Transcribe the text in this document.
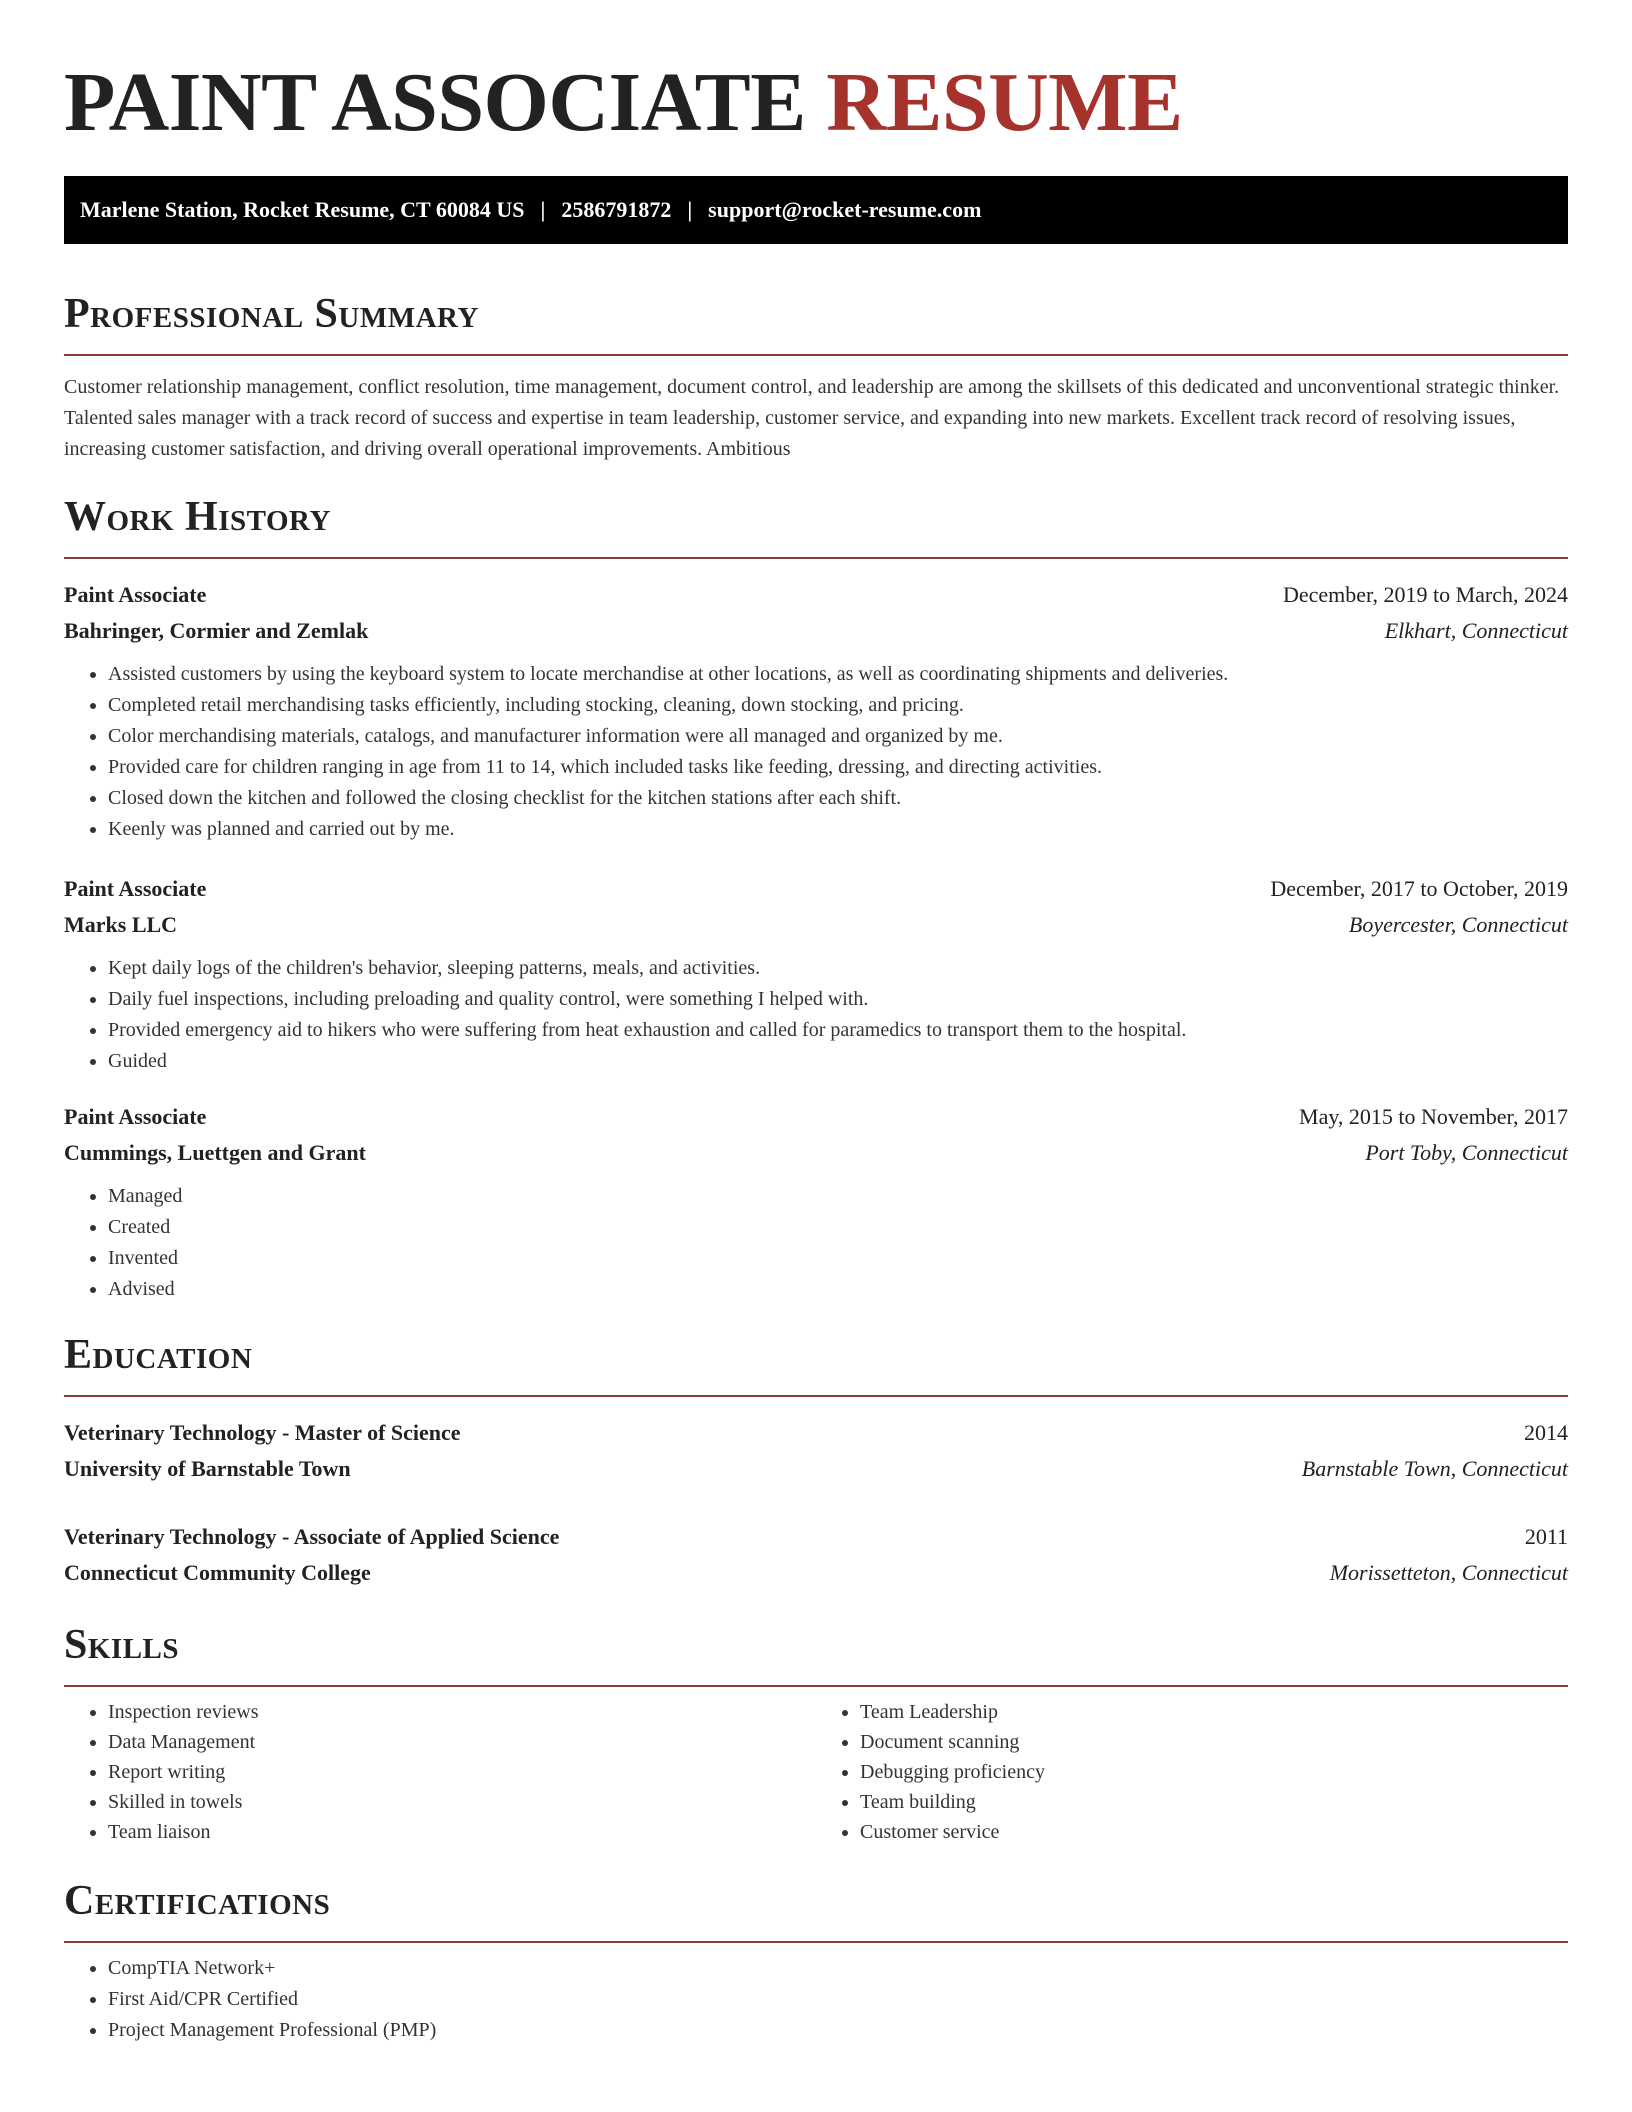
PAINT ASSOCIATE RESUME
Marlene Station, Rocket Resume, CT 60084 US | 2586791872 | support@rocket-resume.com
Professional Summary

Customer relationship management, conflict resolution, time management, document control, and leadership are among the skillsets of this dedicated and unconventional strategic thinker. Talented sales manager with a track record of success and expertise in team leadership, customer service, and expanding into new markets. Excellent track record of resolving issues, increasing customer satisfaction, and driving overall operational improvements. Ambitious

Work History
Paint Associate	December, 2019 to March, 2024
Bahringer, Cormier and Zemlak	Elkhart, Connecticut
• Assisted customers by using the keyboard system to locate merchandise at other locations, as well as coordinating shipments and deliveries.
• Completed retail merchandising tasks efficiently, including stocking, cleaning, down stocking, and pricing.
• Color merchandising materials, catalogs, and manufacturer information were all managed and organized by me.
• Provided care for children ranging in age from 11 to 14, which included tasks like feeding, dressing, and directing activities.
• Closed down the kitchen and followed the closing checklist for the kitchen stations after each shift.
• Keenly was planned and carried out by me.
Paint Associate	December, 2017 to October, 2019
Marks LLC	Boyercester, Connecticut
• Kept daily logs of the children's behavior, sleeping patterns, meals, and activities.
• Daily fuel inspections, including preloading and quality control, were something I helped with.
• Provided emergency aid to hikers who were suffering from heat exhaustion and called for paramedics to transport them to the hospital.
• Guided
Paint Associate	May, 2015 to November, 2017
Cummings, Luettgen and Grant	Port Toby, Connecticut
• Managed
• Created
• Invented
• Advised
Education
Veterinary Technology - Master of Science	2014
University of Barnstable Town	Barnstable Town, Connecticut
Veterinary Technology - Associate of Applied Science	2011
Connecticut Community College	Morissetteton, Connecticut
Skills
• Inspection reviews
• Data Management
• Report writing
• Skilled in towels
• Team liaison
• Team Leadership
• Document scanning
• Debugging proficiency
• Team building
• Customer service
Certifications
• CompTIA Network+
• First Aid/CPR Certified
• Project Management Professional (PMP)
